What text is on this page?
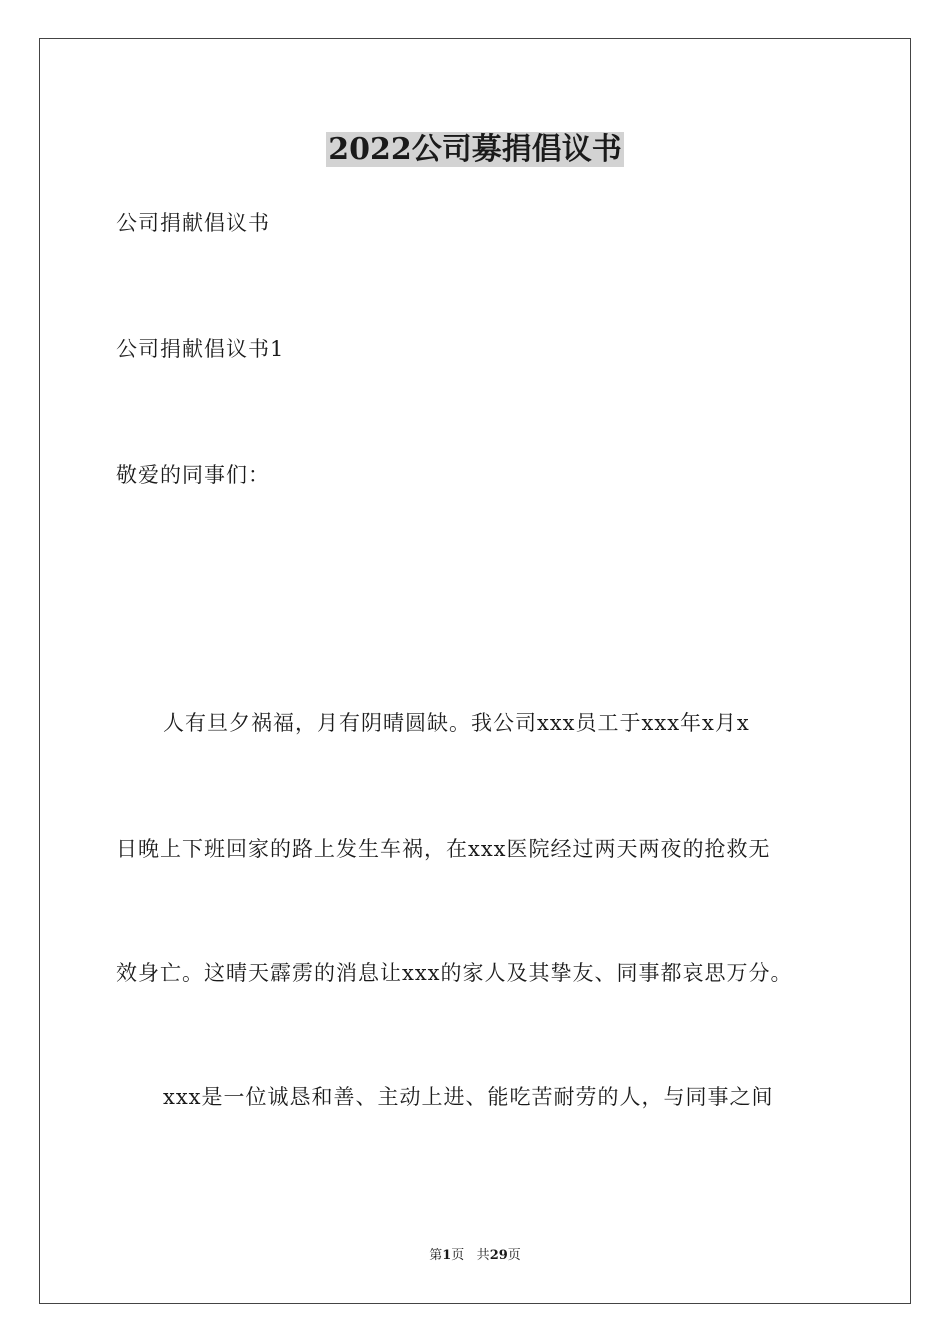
2022公司募捐倡议书
公司捐献倡议书
公司捐献倡议书1
敬爱的同事们：
人有旦夕祸福，月有阴晴圆缺。我公司xxx员工于xxx年x月x
日晚上下班回家的路上发生车祸，在xxx医院经过两天两夜的抢救无
效身亡。这晴天霹雳的消息让xxx的家人及其挚友、同事都哀思万分。
xxx是一位诚恳和善、主动上进、能吃苦耐劳的人，与同事之间
第1页 共29页
